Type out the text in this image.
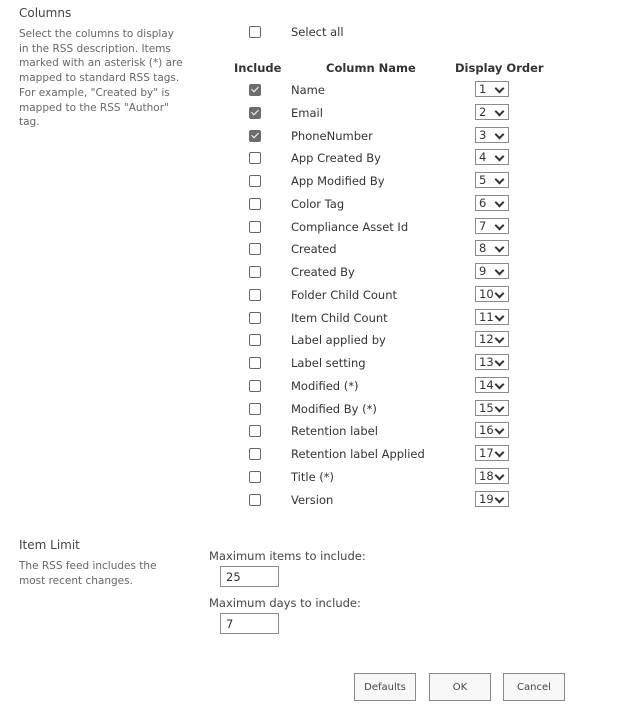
Columns
Select the columns to display in the RSS description. Items marked with an asterisk (*) are mapped to standard RSS tags. For example, "Created by" is mapped to the RSS "Author" tag.
Select all
Include	Column Name	Display Order
Name	1
Email	2
PhoneNumber	3
App Created By	4
App Modified By	5
Color Tag	6
Compliance Asset Id	7
Created	8
Created By	9
Folder Child Count	10
Item Child Count	11
Label applied by	12
Label setting	13
Modified (*)	14
Modified By (*)	15
Retention label	16
Retention label Applied	17
Title (*)	18
Version	19
Item Limit
The RSS feed includes the most recent changes.
Maximum items to include:
25
Maximum days to include:
7
Defaults	OK	Cancel
